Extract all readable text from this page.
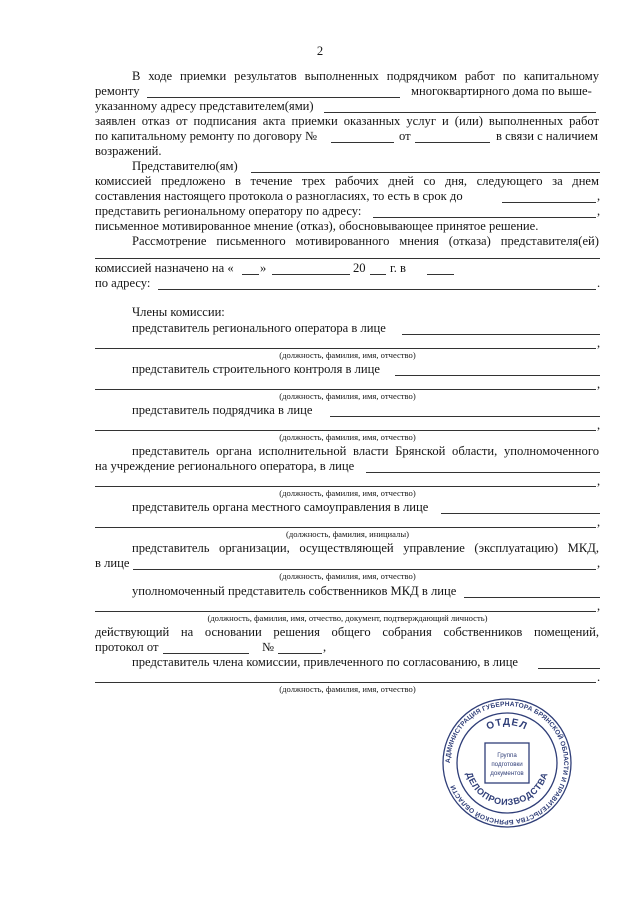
2
В ходе приемки результатов выполненных подрядчиком работ по капитальному
ремонту	многоквартирного дома по выше-
указанному адресу представителем(ями)
заявлен отказ от подписания акта приемки оказанных услуг и (или) выполненных работ
по капитальному ремонту по договору №	от	в связи с наличием
возражений.
Представителю(ям)
комиссией предложено в течение трех рабочих дней со дня, следующего за днем
составления настоящего протокола о разногласиях, то есть в срок до	,
представить региональному оператору по адресу:	,
письменное мотивированное мнение (отказ), обосновывающее принятое решение.
Рассмотрение письменного мотивированного мнения (отказа) представителя(ей)
комиссией назначено на « »	20 г. в
по адресу:	.
Члены комиссии:
представитель регионального оператора в лице
,
(должность, фамилия, имя, отчество)
представитель строительного контроля в лице
,
(должность, фамилия, имя, отчество)
представитель подрядчика в лице
,
(должность, фамилия, имя, отчество)
представитель органа исполнительной власти Брянской области, уполномоченного
на учреждение регионального оператора, в лице
,
(должность, фамилия, имя, отчество)
представитель органа местного самоуправления в лице
,
(должность, фамилия, инициалы)
представитель организации, осуществляющей управление (эксплуатацию) МКД,
в лице	,
(должность, фамилия, имя, отчество)
уполномоченный представитель собственников МКД в лице
,
(должность, фамилия, имя, отчество, документ, подтверждающий личность)
действующий на основании решения общего собрания собственников помещений,
протокол от	№	,
представитель члена комиссии, привлеченного по согласованию, в лице
.
(должность, фамилия, имя, отчество)
АДМИНИСТРАЦИЯ ГУБЕРНАТОРА БРЯНСКОЙ ОБЛАСТИ И ПРАВИТЕЛЬСТВА БРЯНСКОЙ ОБЛАСТИ
ОТДЕЛ
ДЕЛОПРОИЗВОДСТВА
Группа
подготовки
документов
